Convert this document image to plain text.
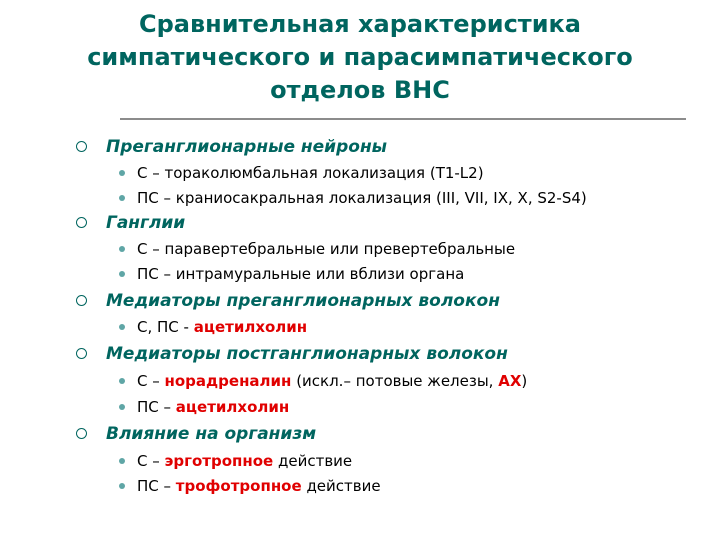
Сравнительная характеристика
симпатического и парасимпатического
отделов ВНС
Преганглионарные нейроны
С – тораколюмбальная локализация (T1-L2)
ПС – краниосакральная локализация (III, VII, IX, X, S2-S4)
Ганглии
С – паравертебральные или превертебральные
ПС – интрамуральные или вблизи органа
Медиаторы преганглионарных волокон
С, ПС - ацетилхолин
Медиаторы постганглионарных волокон
С – норадреналин (искл.– потовые железы, АХ)
ПС – ацетилхолин
Влияние на организм
С – эрготропное действие
ПС – трофотропное действие
